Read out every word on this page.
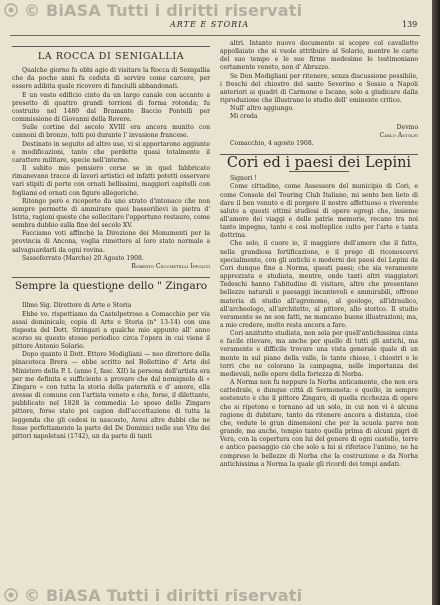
© BiASA Tutti i diritti riservati
ARTE E STORIA	139
LA ROCCA DI SENIGALLIA

Qualche giorno fa ebbi agio di visitare la Rocca di Senigallia che da poche anni fu ceduta di servire come carcere, per essere adibita quale ricovero di fanciulli abbandonati.

E un vasto edificio cinto da un largo canale con accanto a presetto di quattro grandi torrioni di forma rotonda; fu costruito nel 1480 dal Bramante Baccio Pontelli per commissione di Giovanni della Rovere.

Sulle cortine del secolo XVIII era ancora munito con cannoni di bronzo, tolti poi durante l' invasione francese.

Destinato in seguito ad altro uso, vi si apportarono aggiunte e modificazioni, tanto che perdette quasi totalmente il carattere militare, specie nell'interno.

Il subito mio pensiero corse se in quel fabbricato rimanevano tracce di lavori artistici ed infatti potetti osservare vari stipiti di porte con ornati bellissimi, maggiori capitelli con fogliami ed ornati con figure allegoriche.

Ritengo però e ricoperto da uno strato d'intonaco che non sempre permette di ammirare quei bassorilievi in pietra d' Istria, ragioni queste che sollecitare l'opportuno restauro, come sembra dubbio sulla fine del secolo XV.

Facciamo voti affinchè la Direzione dei Monumenti per la provincia di Ancona, voglia rimettere al loro stato normale a salvaguardarli da ogni rovina.

Sassoferrato (Marche) 20 Agosto 1908.

Roberto Cecchetelli Ippoliti
Sempre la questione dello " Zingaro "

Illmo Sig. Direttore di Arte e Storia

Ebbe vo. rispettiamo da Castelpetroso a Comacchio per via assai dominicale, copia di Arte e Storia (n° 13-14) con una risposta del Dott. Stringari a qualche mio appunto all' anno scorso su questo stesso periodico circa l'opera in cui viene il pittore Antonio Solario.

Dopo quanto il Dott. Ettore Modigliani — neo direttore della pinacoteca Brera — ebbe scritto nel Bollettino d' Arte del Ministero della P. I. (anno I, fasc. XII) la persona dell'artista era per me definita e sufficiente a provare che dal nomignolo di « Zingaro » con tutta la storia della paternità e d' amore, ella avesse di comune con l'artista veneto e che, forse, il dilettante, pubblicato nel 1828 la commedia Lo sposo dello Zingaro pittore, forse stato poi cagion dell'accettazione di tutta la leggenda che gli cedesi in nascosto, Avrei altre dubbi che ne fosse perfettamente la parte del De Dominici nelle sue Vite dei pittori napoletani (1742), un da parte di tanti

altri. Intanto nuovo documento si scopre col cavalletto appollaiato che si vuole attribuire al Solario, mentre le carte del suo tempo e le sue firme medesime lo testimoniano certamente veneto, non d' Abruzzo.

Se Don Modigliani per ritenere, senza discussione possibile, i freschi del chiostro del santo Severino e Sossio a Napoli anteriori ai quadri di Carmone e Iscano, solo a giudicare dalla riproduzione che illustrano lo studio dell' eminente critico.

Null' altro aggiungo.

Mi creda

Devmo
Carlo Astolfi

Comacchio, 4 agosto 1908.

Cori ed i paesi dei Lepini

Signori !

Come cittadino, come Assessore del municipio di Cori, e come Console del Touring Club Italiano, mi sento ben lieto di dare il ben venuto e di porgere il nostro affettuoso e riverente saluto a questi ottimi studiosi di opere egregi che, insieme all'amore dei viaggi e delle patrie memorie, recano tra noi tanto impegno, tanto e così molteplice culto per l'arte e tanta dottrina.

Che solo, il cuore io, il maggiore dell'amore che il fatto, nella grandiosa fortificazione, e il prego di riconoscervi specialmente, con gli antichi e moderni dei paesi dei Lepini da Cori dunque fino a Norma, questi paesi; che sia veramente apprezzata e studiata, mentre, onde tanti altri viaggiatori Tedeschi hanno l'abitudine di visitare, altre che presentano bellezze naturali e paesaggi incantevoli e ammirabili, offrono materia di studio all'agronomo, al geologo, all'idraulico, all'archeologo, all'architetto, al pittore, allo storico. Il studio veramente se ne son fatti, ne mancano buone illustrazioni; ma, a mio credere, molto resta ancora a fare.

Cori anzitutto studiata, non sola per quell'antichissima cinta e facile rilevare, ma anche per quello di tutti gli antichi, ma veramente e difficile trovare una vista generale quale di un monte in sul piano della valle, le tante chiese, i chiostri e le torri che ne colorano la campagna, nelle importanza dei medievali, nelle opere della fortezza di Norba.

A Norma non fu neppure la Norba anticamente, che non era cattedrale, e dunque città di Sermoneta: e quello, in sempre sostenuto è che il pittore Zingaro, di quella ricchezza di opere che si ripetono e tornano ad un solo, in cui non vi è alcuna ragione di dubitare, tanto da ritenere ancora a distanza, cioè che, vedute le gran dimensioni che per la scuola parve non grande, ma anche, tempio tanto quella prima di alcuni pigri di Vera, con la copertura con lui del genere di ogni castello, torre e antico paesaggio ciò che solo a lui si riferisce l'animo, ne ha compreso le bellezze di Norba che la costruzione e da Norba antichissima a Norma la quale gli ricordi dei tempi andati.

© BiASA Tutti i diritti riservati
